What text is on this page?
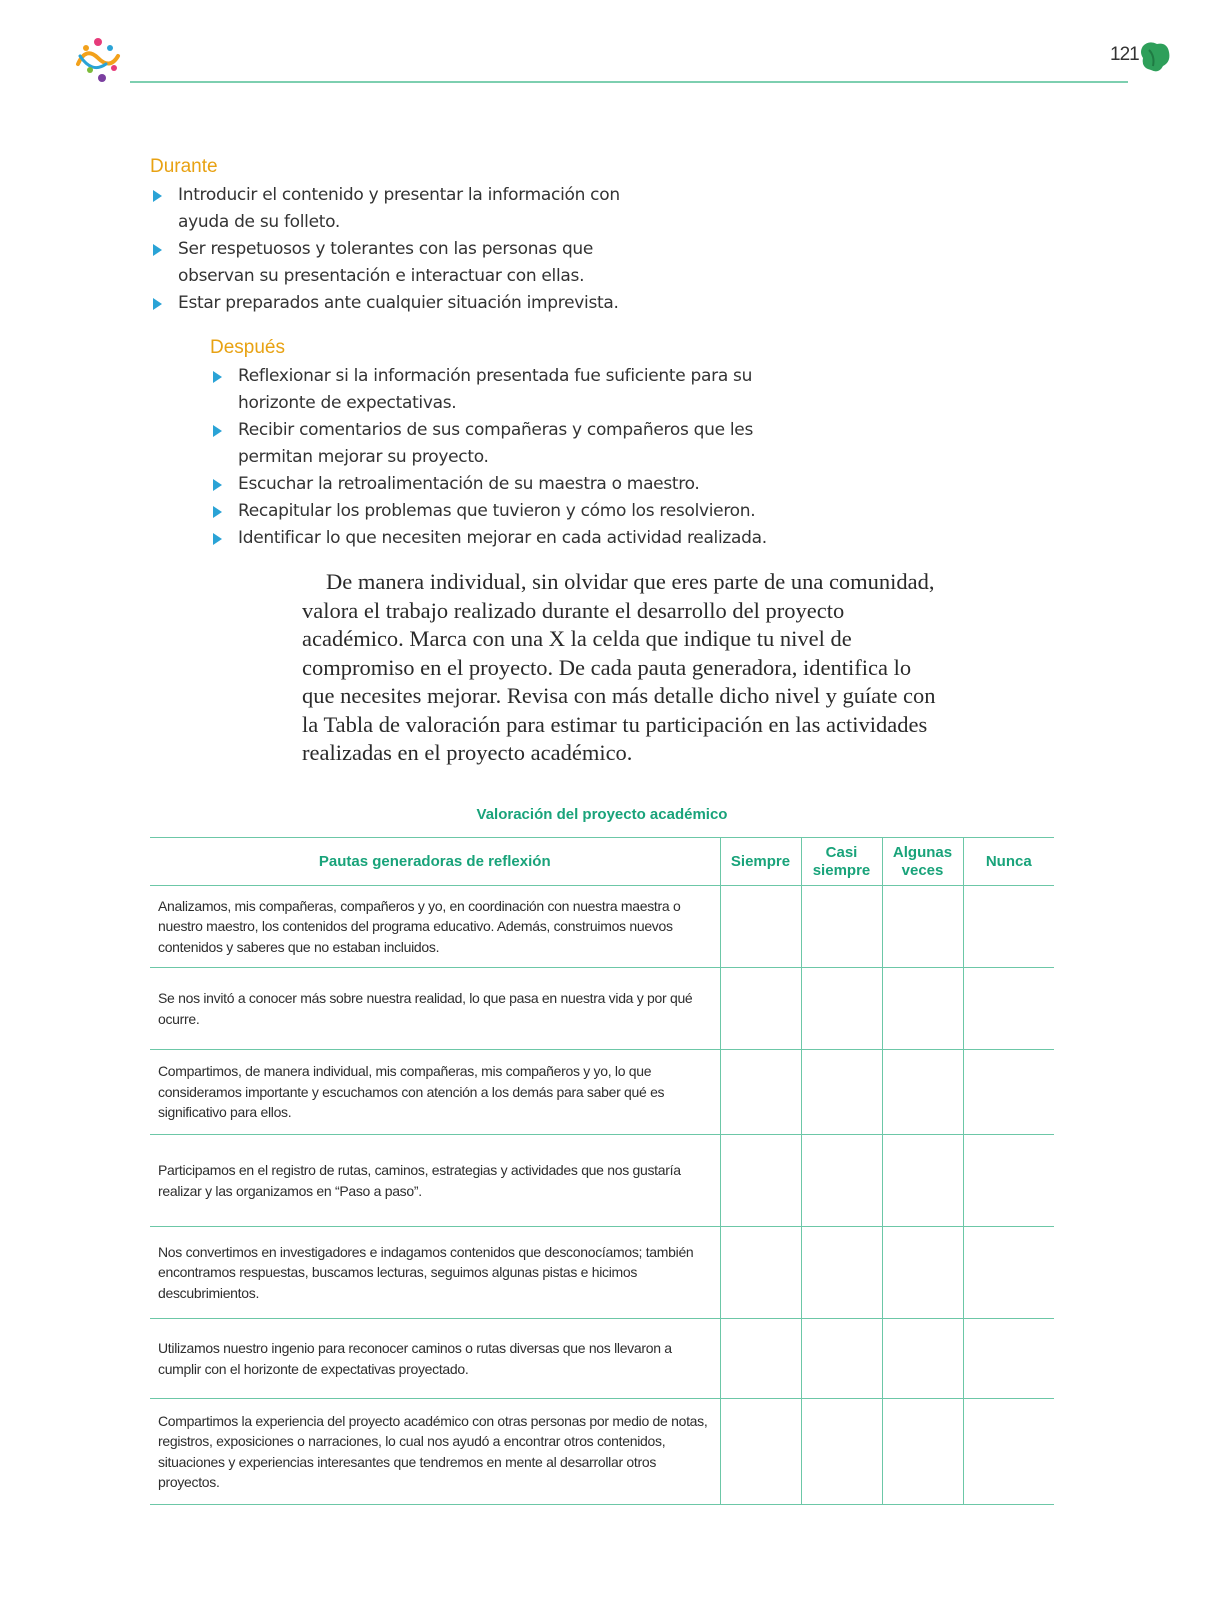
121
Durante
Introducir el contenido y presentar la información con ayuda de su folleto.
Ser respetuosos y tolerantes con las personas que observan su presentación e interactuar con ellas.
Estar preparados ante cualquier situación imprevista.
Después
Reflexionar si la información presentada fue suficiente para su horizonte de expectativas.
Recibir comentarios de sus compañeras y compañeros que les permitan mejorar su proyecto.
Escuchar la retroalimentación de su maestra o maestro.
Recapitular los problemas que tuvieron y cómo los resolvieron.
Identificar lo que necesiten mejorar en cada actividad realizada.

De manera individual, sin olvidar que eres parte de una comunidad, valora el trabajo realizado durante el desarrollo del proyecto académico. Marca con una X la celda que indique tu nivel de compromiso en el proyecto. De cada pauta generadora, identifica lo que necesites mejorar. Revisa con más detalle dicho nivel y guíate con la Tabla de valoración para estimar tu participación en las actividades realizadas en el proyecto académico.

Valoración del proyecto académico
Pautas generadoras de reflexión	Siempre	Casi siempre	Algunas veces	Nunca
Analizamos, mis compañeras, compañeros y yo, en coordinación con nuestra maestra o nuestro maestro, los contenidos del programa educativo. Además, construimos nuevos contenidos y saberes que no estaban incluidos.				
Se nos invitó a conocer más sobre nuestra realidad, lo que pasa en nuestra vida y por qué ocurre.				
Compartimos, de manera individual, mis compañeras, mis compañeros y yo, lo que consideramos importante y escuchamos con atención a los demás para saber qué es significativo para ellos.				
Participamos en el registro de rutas, caminos, estrategias y actividades que nos gustaría realizar y las organizamos en “Paso a paso”.				
Nos convertimos en investigadores e indagamos contenidos que desconocíamos; también encontramos respuestas, buscamos lecturas, seguimos algunas pistas e hicimos descubrimientos.				
Utilizamos nuestro ingenio para reconocer caminos o rutas diversas que nos llevaron a cumplir con el horizonte de expectativas proyectado.				
Compartimos la experiencia del proyecto académico con otras personas por medio de notas, registros, exposiciones o narraciones, lo cual nos ayudó a encontrar otros contenidos, situaciones y experiencias interesantes que tendremos en mente al desarrollar otros proyectos.				
